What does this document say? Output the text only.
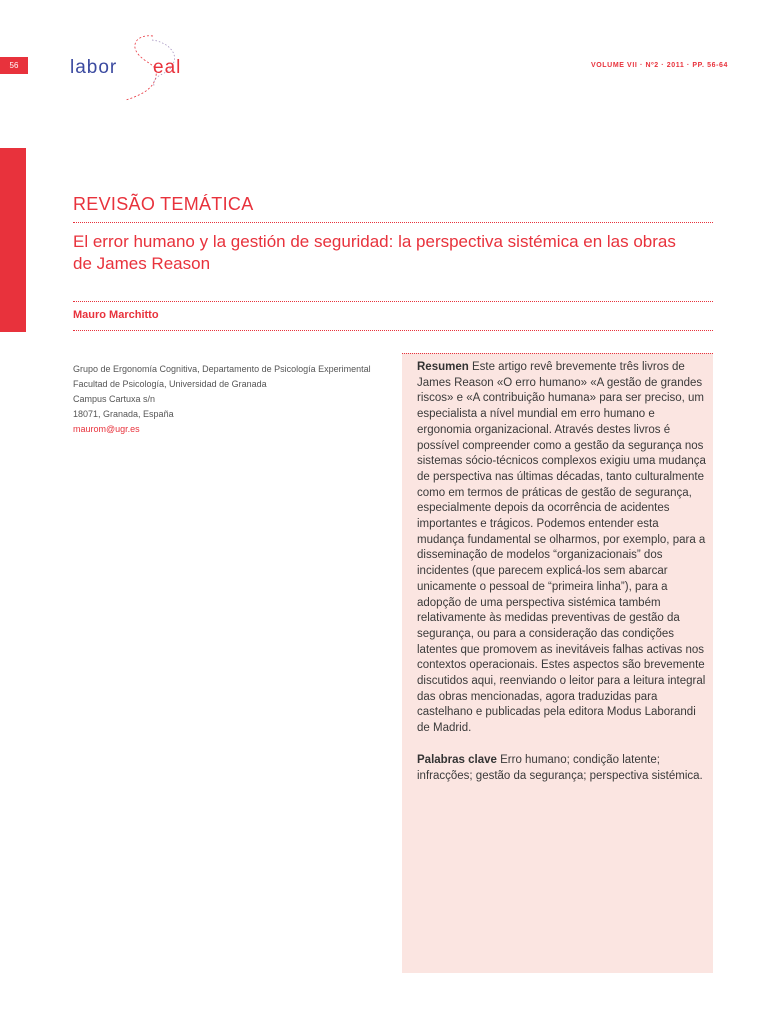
56	labor eal	VOLUME VII · Nº2 · 2011 · PP. 56-64
REVISÃO TEMÁTICA
El error humano y la gestión de seguridad: la perspectiva sistémica en las obras de James Reason
Mauro Marchitto
Grupo de Ergonomía Cognitiva, Departamento de Psicología Experimental
Facultad de Psicología, Universidad de Granada
Campus Cartuxa s/n
18071, Granada, España
maurom@ugr.es
Resumen Este artigo revê brevemente três livros de James Reason «O erro humano» «A gestão de grandes riscos» e «A contribuição humana» para ser preciso, um especialista a nível mundial em erro humano e ergonomia organizacional. Através destes livros é possível compreender como a gestão da segurança nos sistemas sócio-técnicos complexos exigiu uma mudança de perspectiva nas últimas décadas, tanto culturalmente como em termos de práticas de gestão de segurança, especialmente depois da ocorrência de acidentes importantes e trágicos. Podemos entender esta mudança fundamental se olharmos, por exemplo, para a disseminação de modelos “organizacionais” dos incidentes (que parecem explicá-los sem abarcar unicamente o pessoal de “primeira linha”), para a adopção de uma perspectiva sistémica também relativamente às medidas preventivas de gestão da segurança, ou para a consideração das condições latentes que promovem as inevitáveis falhas activas nos contextos operacionais. Estes aspectos são brevemente discutidos aqui, reenviando o leitor para a leitura integral das obras mencionadas, agora traduzidas para castelhano e publicadas pela editora Modus Laborandi de Madrid.
Palabras clave Erro humano; condição latente; infracções; gestão da segurança; perspectiva sistémica.
